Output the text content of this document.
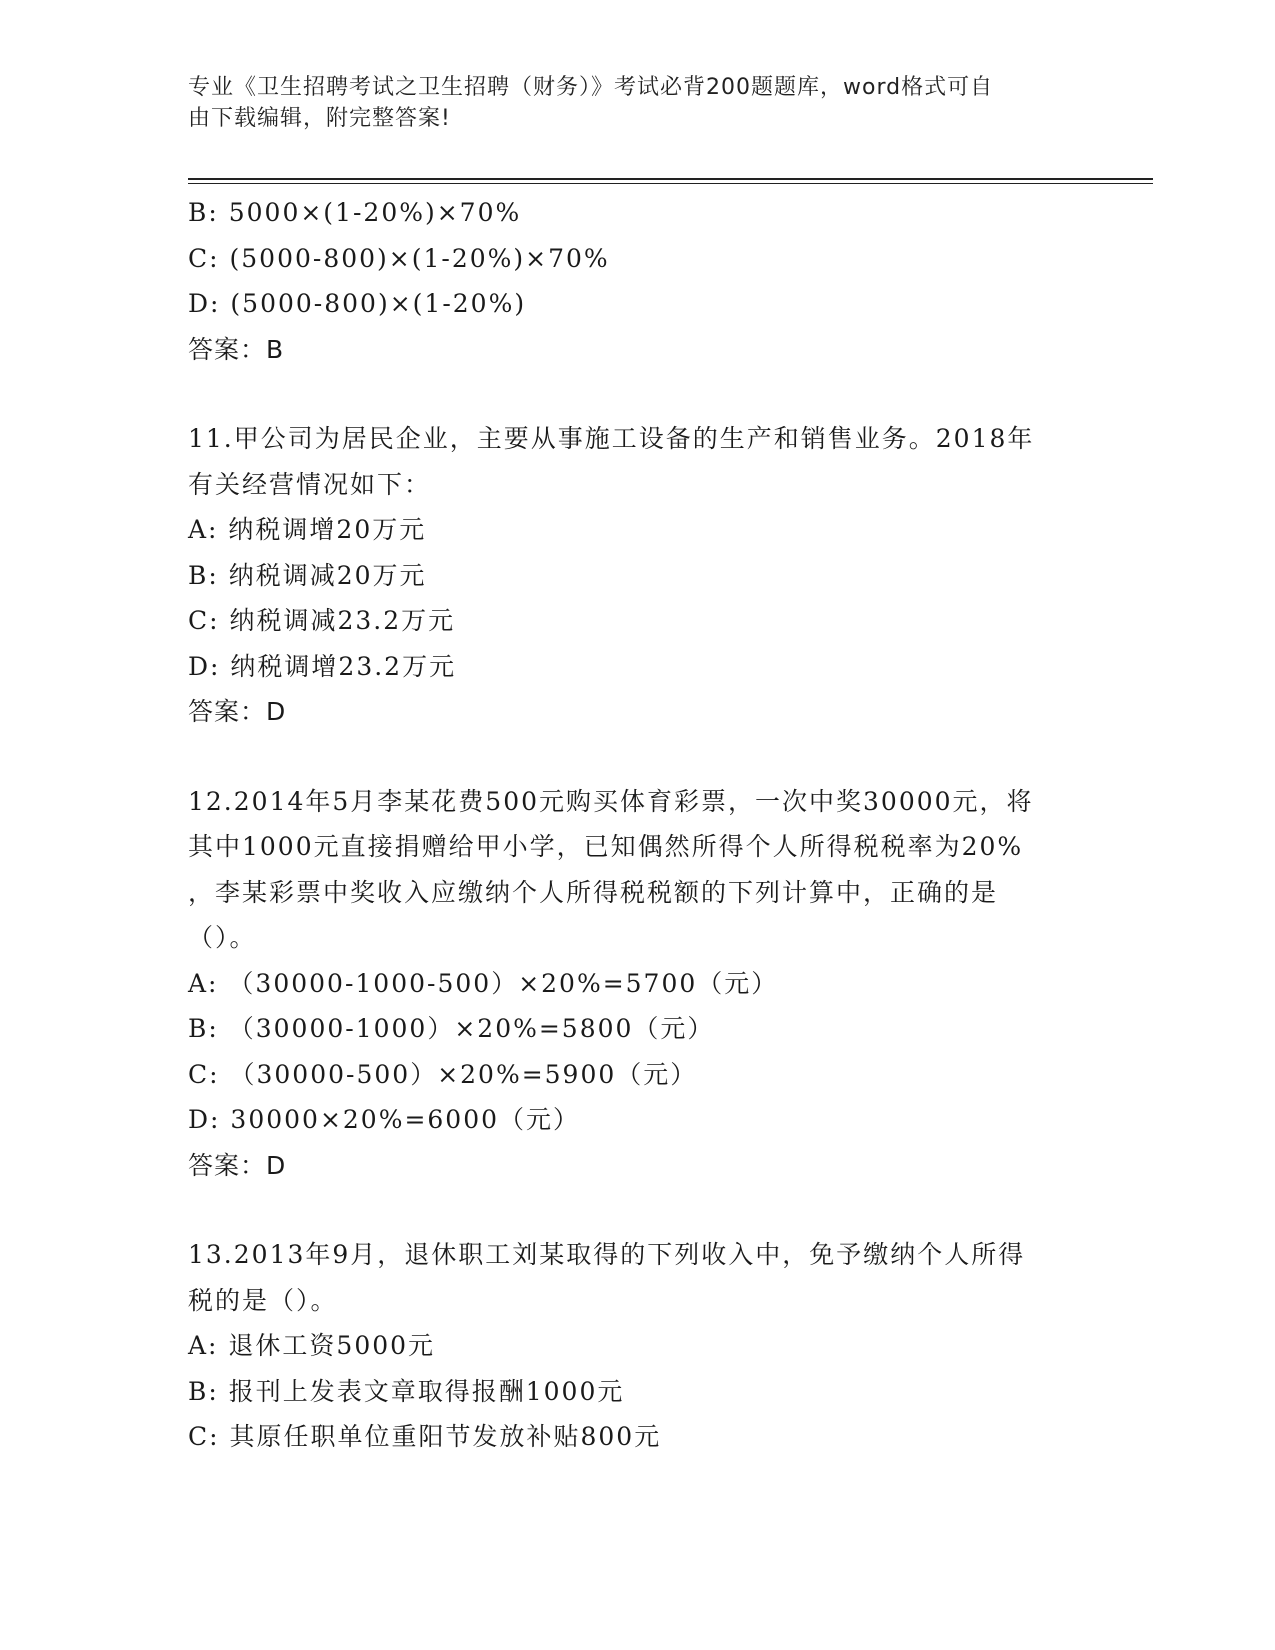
专业《卫生招聘考试之卫生招聘（财务）》考试必背200题题库，word格式可自
由下载编辑，附完整答案!
B: 5000×(1-20%)×70%
C: (5000-800)×(1-20%)×70%
D: (5000-800)×(1-20%)
答案：B
11.甲公司为居民企业，主要从事施工设备的生产和销售业务。2018年
有关经营情况如下：
A: 纳税调增20万元
B: 纳税调减20万元
C: 纳税调减23.2万元
D: 纳税调增23.2万元
答案：D
12.2014年5月李某花费500元购买体育彩票，一次中奖30000元，将
其中1000元直接捐赠给甲小学，已知偶然所得个人所得税税率为20%
，李某彩票中奖收入应缴纳个人所得税税额的下列计算中，正确的是
（）。
A: （30000-1000-500）×20%=5700（元）
B: （30000-1000）×20%=5800（元）
C: （30000-500）×20%=5900（元）
D: 30000×20%=6000（元）
答案：D
13.2013年9月，退休职工刘某取得的下列收入中，免予缴纳个人所得
税的是（）。
A: 退休工资5000元
B: 报刊上发表文章取得报酬1000元
C: 其原任职单位重阳节发放补贴800元
